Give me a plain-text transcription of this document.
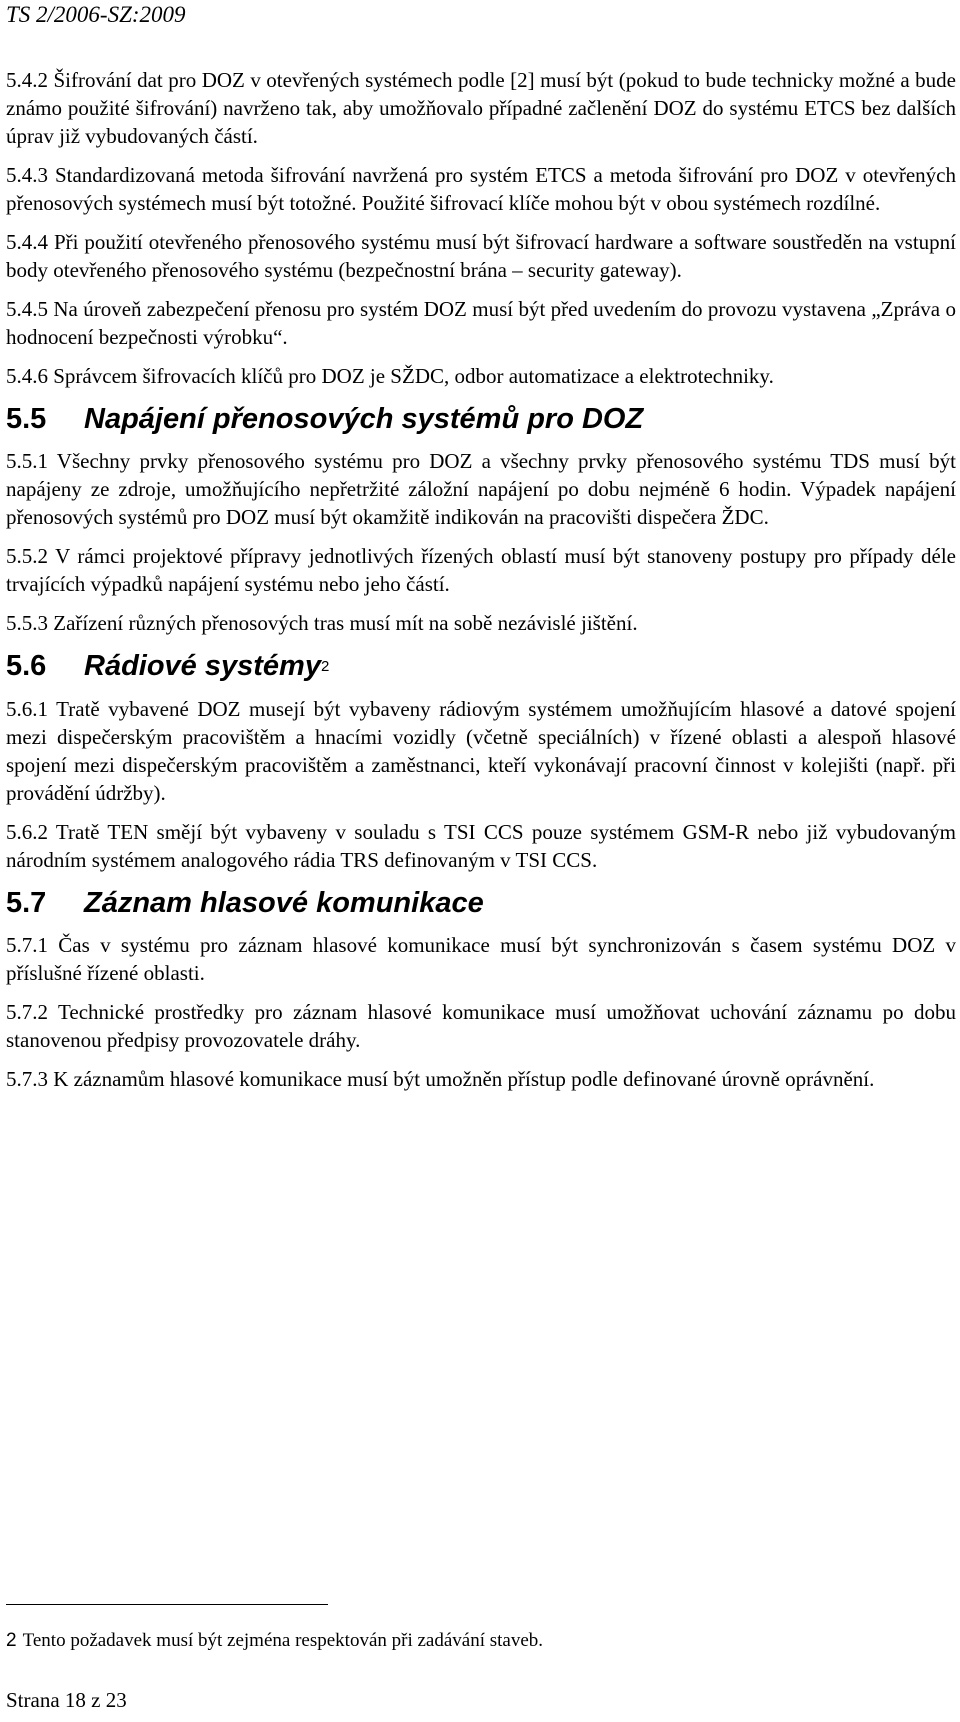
TS 2/2006-SZ:2009

5.4.2 Šifrování dat pro DOZ v otevřených systémech podle [2] musí být (pokud to bude technicky možné a bude známo použité šifrování) navrženo tak, aby umožňovalo případné začlenění DOZ do systému ETCS bez dalších úprav již vybudovaných částí.

5.4.3 Standardizovaná metoda šifrování navržená pro systém ETCS a metoda šifrování pro DOZ v otevřených přenosových systémech musí být totožné. Použité šifrovací klíče mohou být v obou systémech rozdílné.

5.4.4 Při použití otevřeného přenosového systému musí být šifrovací hardware a software soustředěn na vstupní body otevřeného přenosového systému (bezpečnostní brána – security gateway).

5.4.5 Na úroveň zabezpečení přenosu pro systém DOZ musí být před uvedením do provozu vystavena „Zpráva o hodnocení bezpečnosti výrobku“.

5.4.6 Správcem šifrovacích klíčů pro DOZ je SŽDC, odbor automatizace a elektrotechniky.

5.5 Napájení přenosových systémů pro DOZ

5.5.1 Všechny prvky přenosového systému pro DOZ a všechny prvky přenosového systému TDS musí být napájeny ze zdroje, umožňujícího nepřetržité záložní napájení po dobu nejméně 6 hodin. Výpadek napájení přenosových systémů pro DOZ musí být okamžitě indikován na pracovišti dispečera ŽDC.

5.5.2 V rámci projektové přípravy jednotlivých řízených oblastí musí být stanoveny postupy pro případy déle trvajících výpadků napájení systému nebo jeho částí.

5.5.3 Zařízení různých přenosových tras musí mít na sobě nezávislé jištění.

5.6 Rádiové systémy$^2$

5.6.1 Tratě vybavené DOZ musejí být vybaveny rádiovým systémem umožňujícím hlasové a datové spojení mezi dispečerským pracovištěm a hnacími vozidly (včetně speciálních) v řízené oblasti a alespoň hlasové spojení mezi dispečerským pracovištěm a zaměstnanci, kteří vykonávají pracovní činnost v kolejišti (např. při provádění údržby).

5.6.2 Tratě TEN smějí být vybaveny v souladu s TSI CCS pouze systémem GSM-R nebo již vybudovaným národním systémem analogového rádia TRS definovaným v TSI CCS.

5.7 Záznam hlasové komunikace

5.7.1 Čas v systému pro záznam hlasové komunikace musí být synchronizován s časem systému DOZ v příslušné řízené oblasti.

5.7.2 Technické prostředky pro záznam hlasové komunikace musí umožňovat uchování záznamu po dobu stanovenou předpisy provozovatele dráhy.

5.7.3 K záznamům hlasové komunikace musí být umožněn přístup podle definované úrovně oprávnění.

2 Tento požadavek musí být zejména respektován při zadávání staveb.
Strana 18 z 23
